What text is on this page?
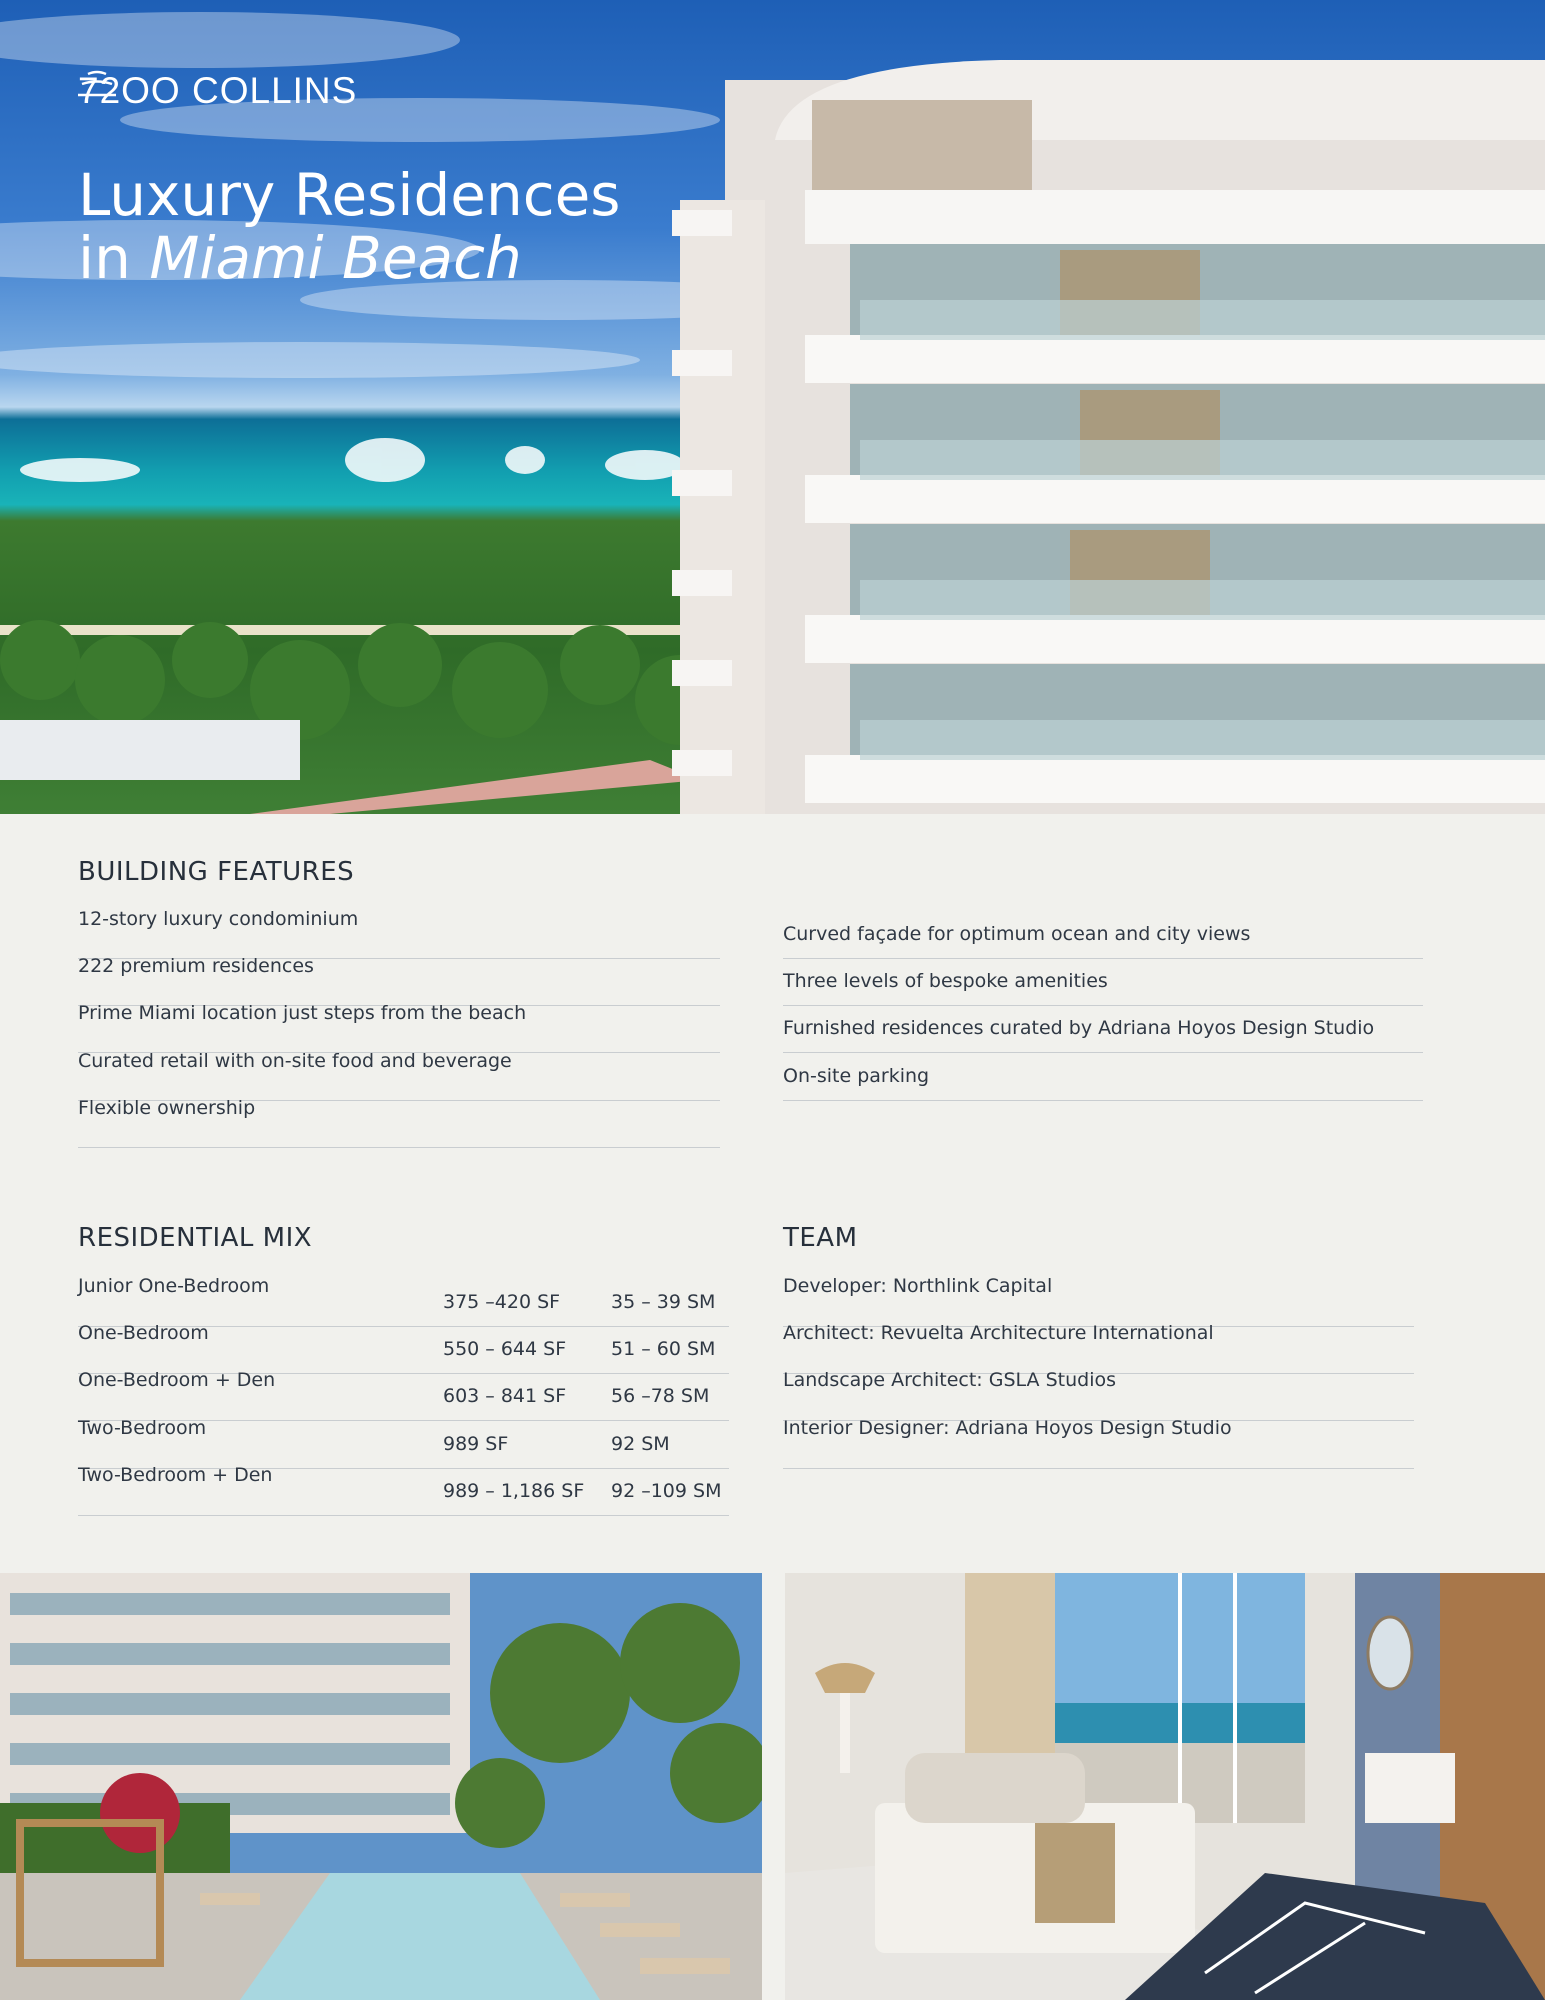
72OO COLLINS
Luxury Residences
in Miami Beach
BUILDING FEATURES
12-story luxury condominium
222 premium residences
Prime Miami location just steps from the beach
Curated retail with on-site food and beverage
Flexible ownership
Curved façade for optimum ocean and city views
Three levels of bespoke amenities
Furnished residences curated by Adriana Hoyos Design Studio
On-site parking
RESIDENTIAL MIX
Junior One-Bedroom
375 –420 SF	35 – 39 SM
One-Bedroom
550 – 644 SF 51 – 60 SM
One-Bedroom + Den
603 – 841 SF 56 –78 SM
Two-Bedroom
989 SF	92 SM
Two-Bedroom + Den
989 – 1,186 SF 92 –109 SM
TEAM
Developer: Northlink Capital
Architect: Revuelta Architecture International
Landscape Architect: GSLA Studios
Interior Designer: Adriana Hoyos Design Studio
